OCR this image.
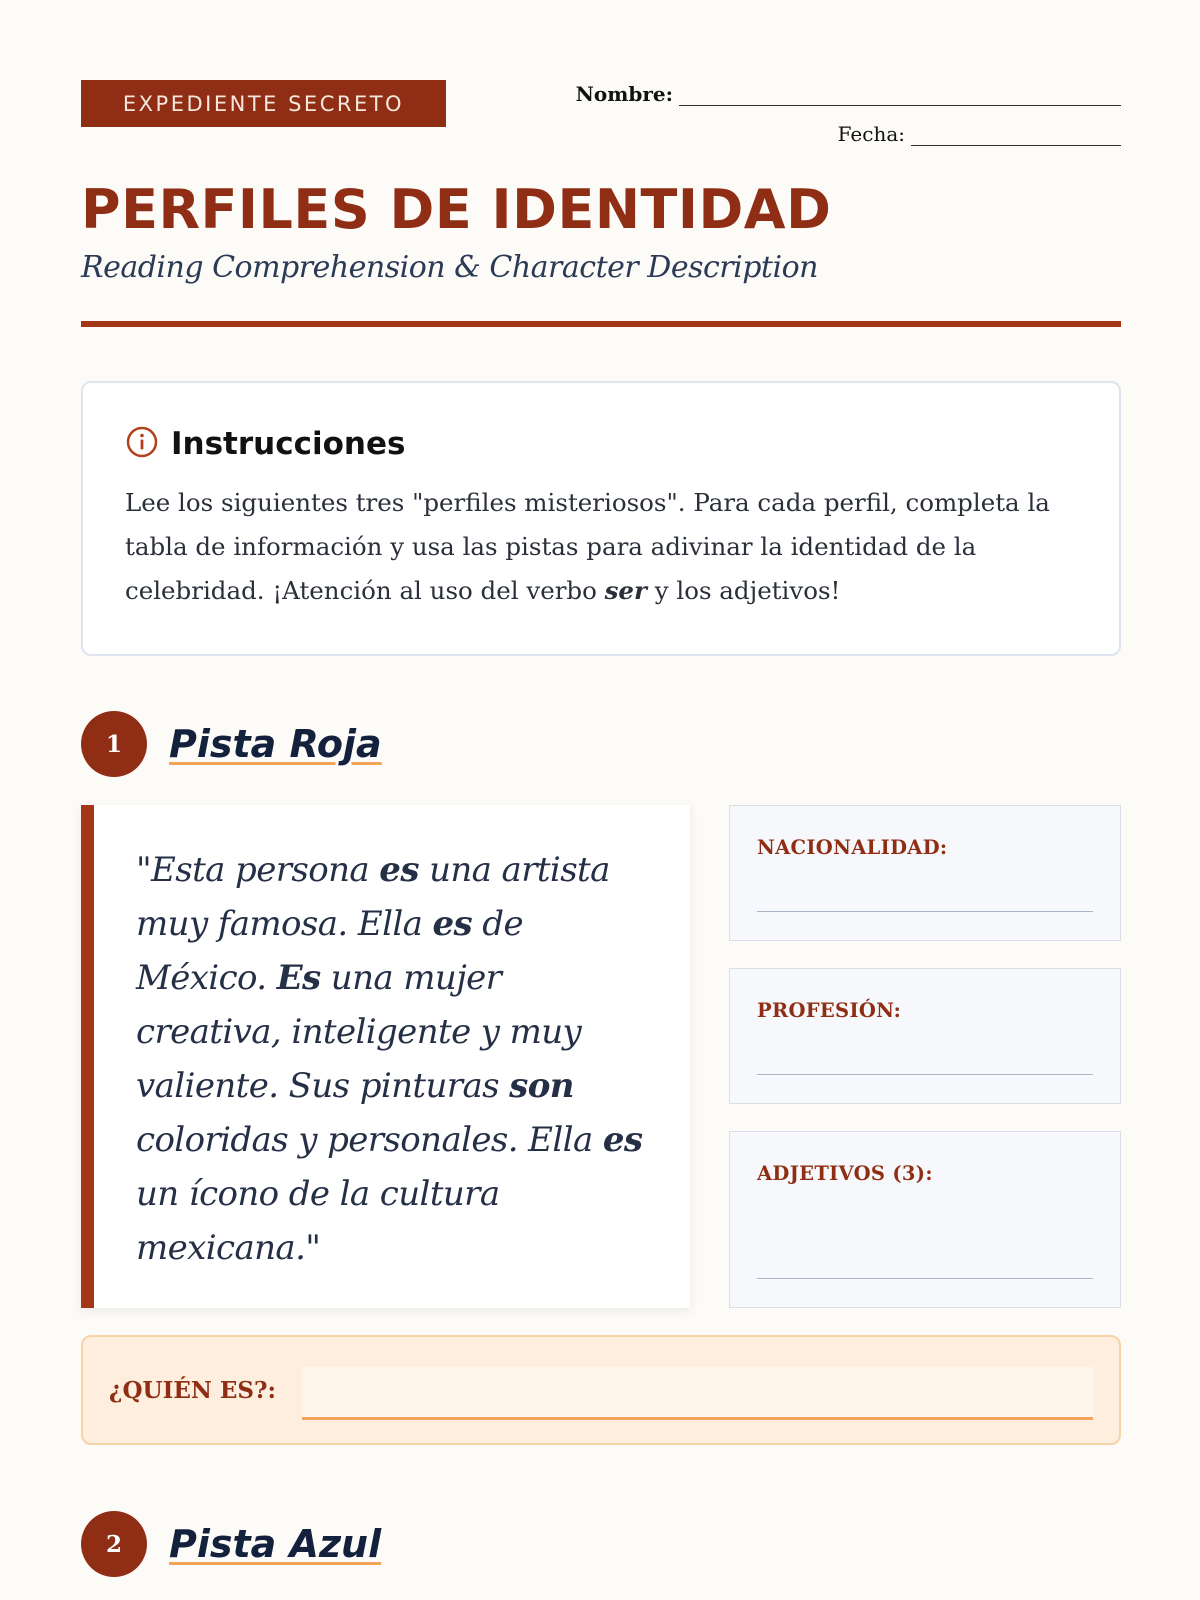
EXPEDIENTE SECRETO	Nombre:
Fecha:
PERFILES DE IDENTIDAD
Reading Comprehension & Character Description
Instrucciones

Lee los siguientes tres "perfiles misteriosos". Para cada perfil, completa la tabla de información y usa las pistas para adivinar la identidad de la celebridad. ¡Atención al uso del verbo ser y los adjetivos!

1	Pista Roja

"Esta persona es una artista muy famosa. Ella es de México. Es una mujer creativa, inteligente y muy valiente. Sus pinturas son coloridas y personales. Ella es un ícono de la cultura mexicana."

NACIONALIDAD:
PROFESIÓN:
ADJETIVOS (3):
¿QUIÉN ES?:
2	Pista Azul
